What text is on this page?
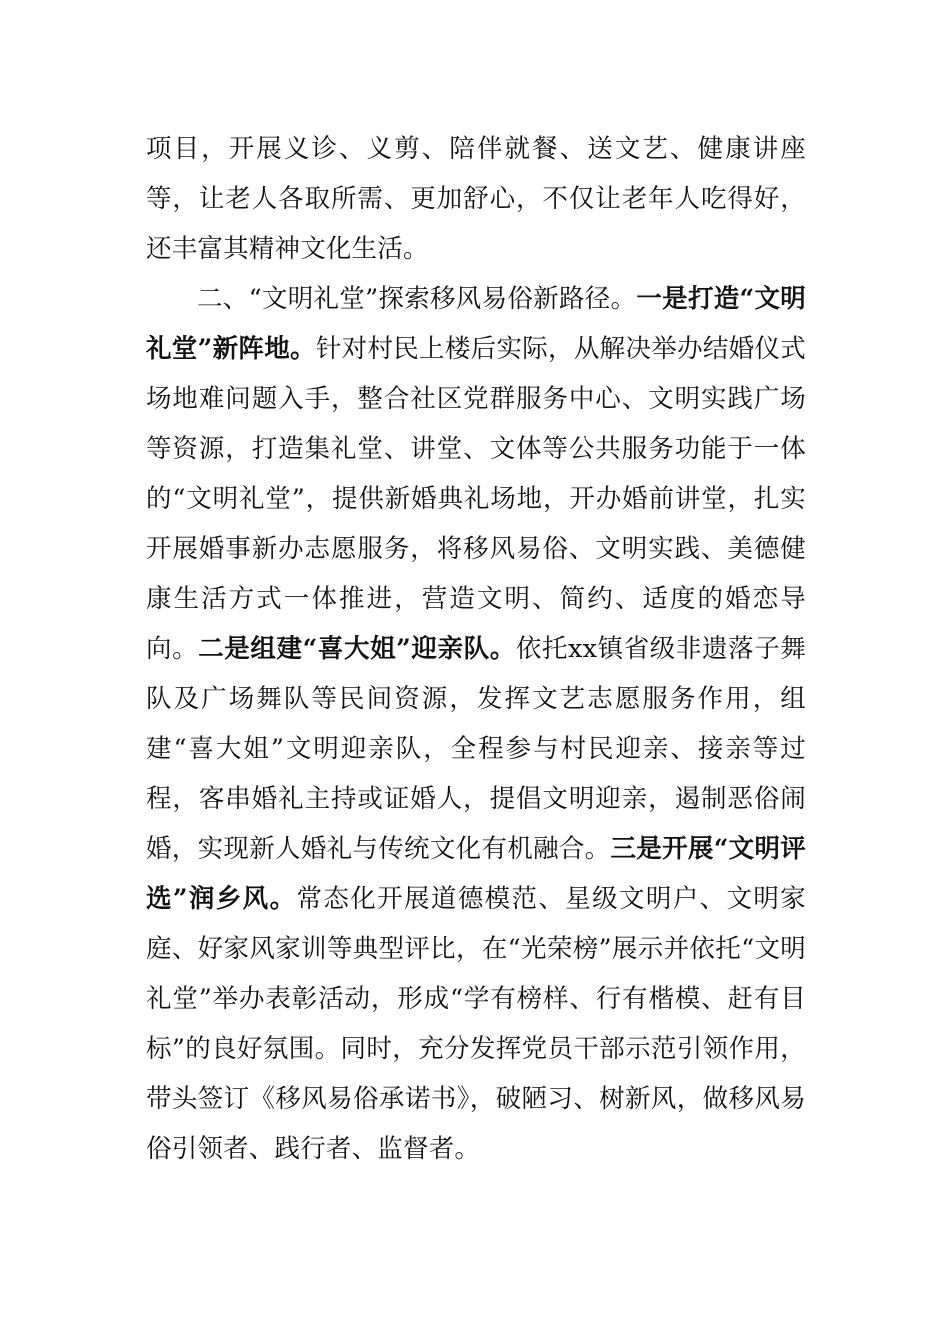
项目，开展义诊、义剪、陪伴就餐、送文艺、健康讲座等，让老人各取所需、更加舒心，不仅让老年人吃得好，还丰富其精神文化生活。

二、“文明礼堂”探索移风易俗新路径。一是打造“文明礼堂”新阵地。针对村民上楼后实际，从解决举办结婚仪式场地难问题入手，整合社区党群服务中心、文明实践广场等资源，打造集礼堂、讲堂、文体等公共服务功能于一体的“文明礼堂”，提供新婚典礼场地，开办婚前讲堂，扎实开展婚事新办志愿服务，将移风易俗、文明实践、美德健康生活方式一体推进，营造文明、简约、适度的婚恋导向。二是组建“喜大姐”迎亲队。依托xx镇省级非遗落子舞队及广场舞队等民间资源，发挥文艺志愿服务作用，组建“喜大姐”文明迎亲队，全程参与村民迎亲、接亲等过程，客串婚礼主持或证婚人，提倡文明迎亲，遏制恶俗闹婚，实现新人婚礼与传统文化有机融合。三是开展“文明评选”润乡风。常态化开展道德模范、星级文明户、文明家庭、好家风家训等典型评比，在“光荣榜”展示并依托“文明礼堂”举办表彰活动，形成“学有榜样、行有楷模、赶有目标”的良好氛围。同时，充分发挥党员干部示范引领作用，带头签订《移风易俗承诺书》，破陋习、树新风，做移风易俗引领者、践行者、监督者。
